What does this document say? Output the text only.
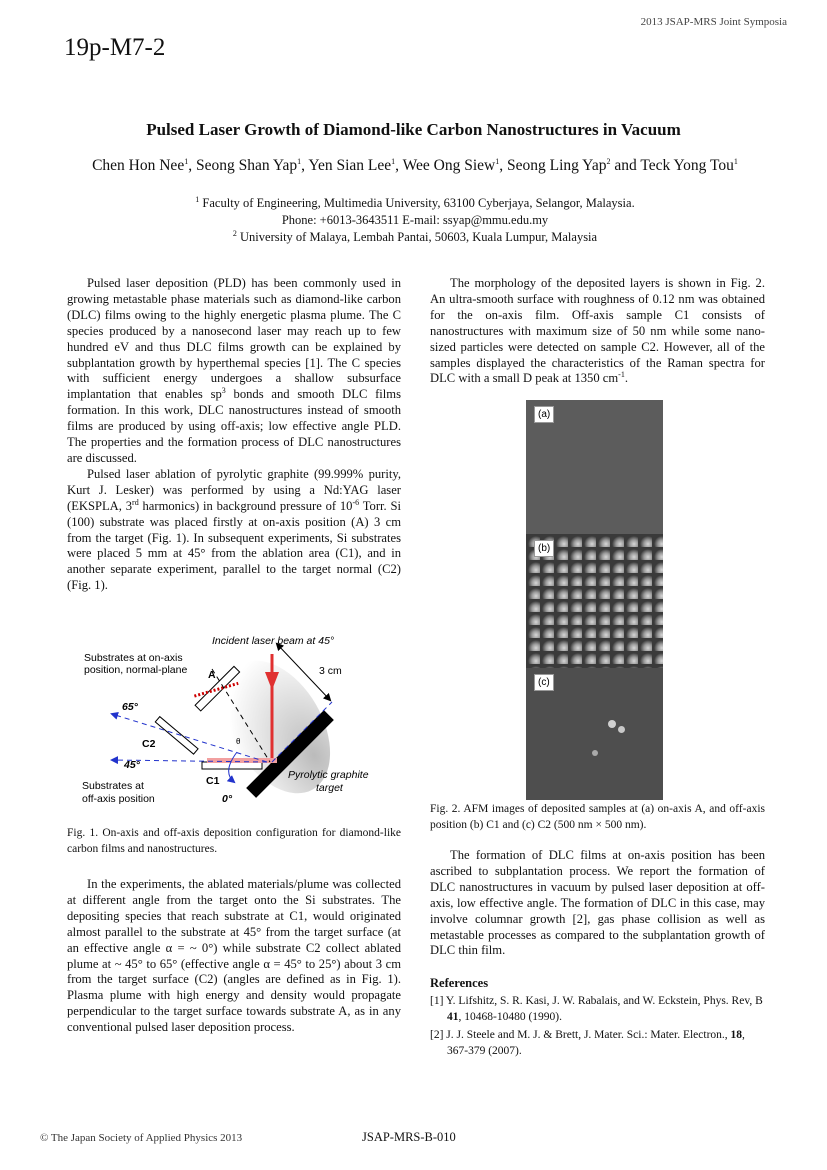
2013 JSAP-MRS Joint Symposia
19p-M7-2
Pulsed Laser Growth of Diamond-like Carbon Nanostructures in Vacuum
Chen Hon Nee$^1$, Seong Shan Yap$^1$, Yen Sian Lee$^1$, Wee Ong Siew$^1$, Seong Ling Yap$^2$ and Teck Yong Tou$^1$
$^1$ Faculty of Engineering, Multimedia University, 63100 Cyberjaya, Selangor, Malaysia.
Phone: +6013-3643511 E-mail: ssyap@mmu.edu.my
$^2$ University of Malaya, Lembah Pantai, 50603, Kuala Lumpur, Malaysia

Pulsed laser deposition (PLD) has been commonly used in growing metastable phase materials such as diamond-like carbon (DLC) films owing to the highly energetic plasma plume. The C species produced by a nanosecond laser may reach up to few hundred eV and thus DLC films growth can be explained by subplantation growth by hyperthemal species [1]. The C species with sufficient energy undergoes a shallow subsurface implantation that enables $sp^3$ bonds and smooth DLC films formation. In this work, DLC nanostructures instead of smooth films are produced by using off-axis; low effective angle PLD. The properties and the formation process of DLC nanostructures are discussed.

Pulsed laser ablation of pyrolytic graphite (99.999% purity, Kurt J. Lesker) was performed by using a Nd:YAG laser (EKSPLA, 3rd harmonics) in background pressure of $10^{-6}$ Torr. Si (100) substrate was placed firstly at on-axis position (A) 3 cm from the target (Fig. 1). In subsequent experiments, Si substrates were placed 5 mm at 45° from the ablation area (C1), and in another separate experiment, parallel to the target normal (C2) (Fig. 1).

Incident laser beam at 45°
3 cm
Substrates at on-axis
position, normal-plane A
65°
C2
45°
C1
0°
θ
Substrates at
off-axis position
Pyrolytic graphite
target
Fig. 1. On-axis and off-axis deposition configuration for diamond-like carbon films and nanostructures.

In the experiments, the ablated materials/plume was collected at different angle from the target onto the Si substrates. The depositing species that reach substrate at C1, would originated almost parallel to the substrate at 45° from the target surface (at an effective angle α = ~ 0°) while substrate C2 collect ablated plume at ~ 45° to 65° (effective angle α = 45° to 25°) about 3 cm from the target surface (C2) (angles are defined as in Fig. 1). Plasma plume with high energy and density would propagate perpendicular to the target surface towards substrate A, as in any conventional pulsed laser deposition process.

The morphology of the deposited layers is shown in Fig. 2. An ultra-smooth surface with roughness of 0.12 nm was obtained for the on-axis film. Off-axis sample C1 consists of nanostructures with maximum size of 50 nm while some nano-sized particles were detected on sample C2. However, all of the samples displayed the characteristics of the Raman spectra for DLC with a small D peak at 1350 $cm^{-1}$.

(a)
(b)
(c)
Fig. 2. AFM images of deposited samples at (a) on-axis A, and off-axis position (b) C1 and (c) C2 (500 nm × 500 nm).

The formation of DLC films at on-axis position has been ascribed to subplantation process. We report the formation of DLC nanostructures in vacuum by pulsed laser deposition at off-axis, low effective angle. The formation of DLC in this case, may involve columnar growth [2], gas phase collision as well as metastable processes as compared to the subplantation growth of DLC thin film.

References

[1] Y. Lifshitz, S. R. Kasi, J. W. Rabalais, and W. Eckstein, Phys. Rev, B 41, 10468-10480 (1990).

[2] J. J. Steele and M. J. & Brett, J. Mater. Sci.: Mater. Electron., 18, 367-379 (2007).

© The Japan Society of Applied Physics 2013	JSAP-MRS-B-010
